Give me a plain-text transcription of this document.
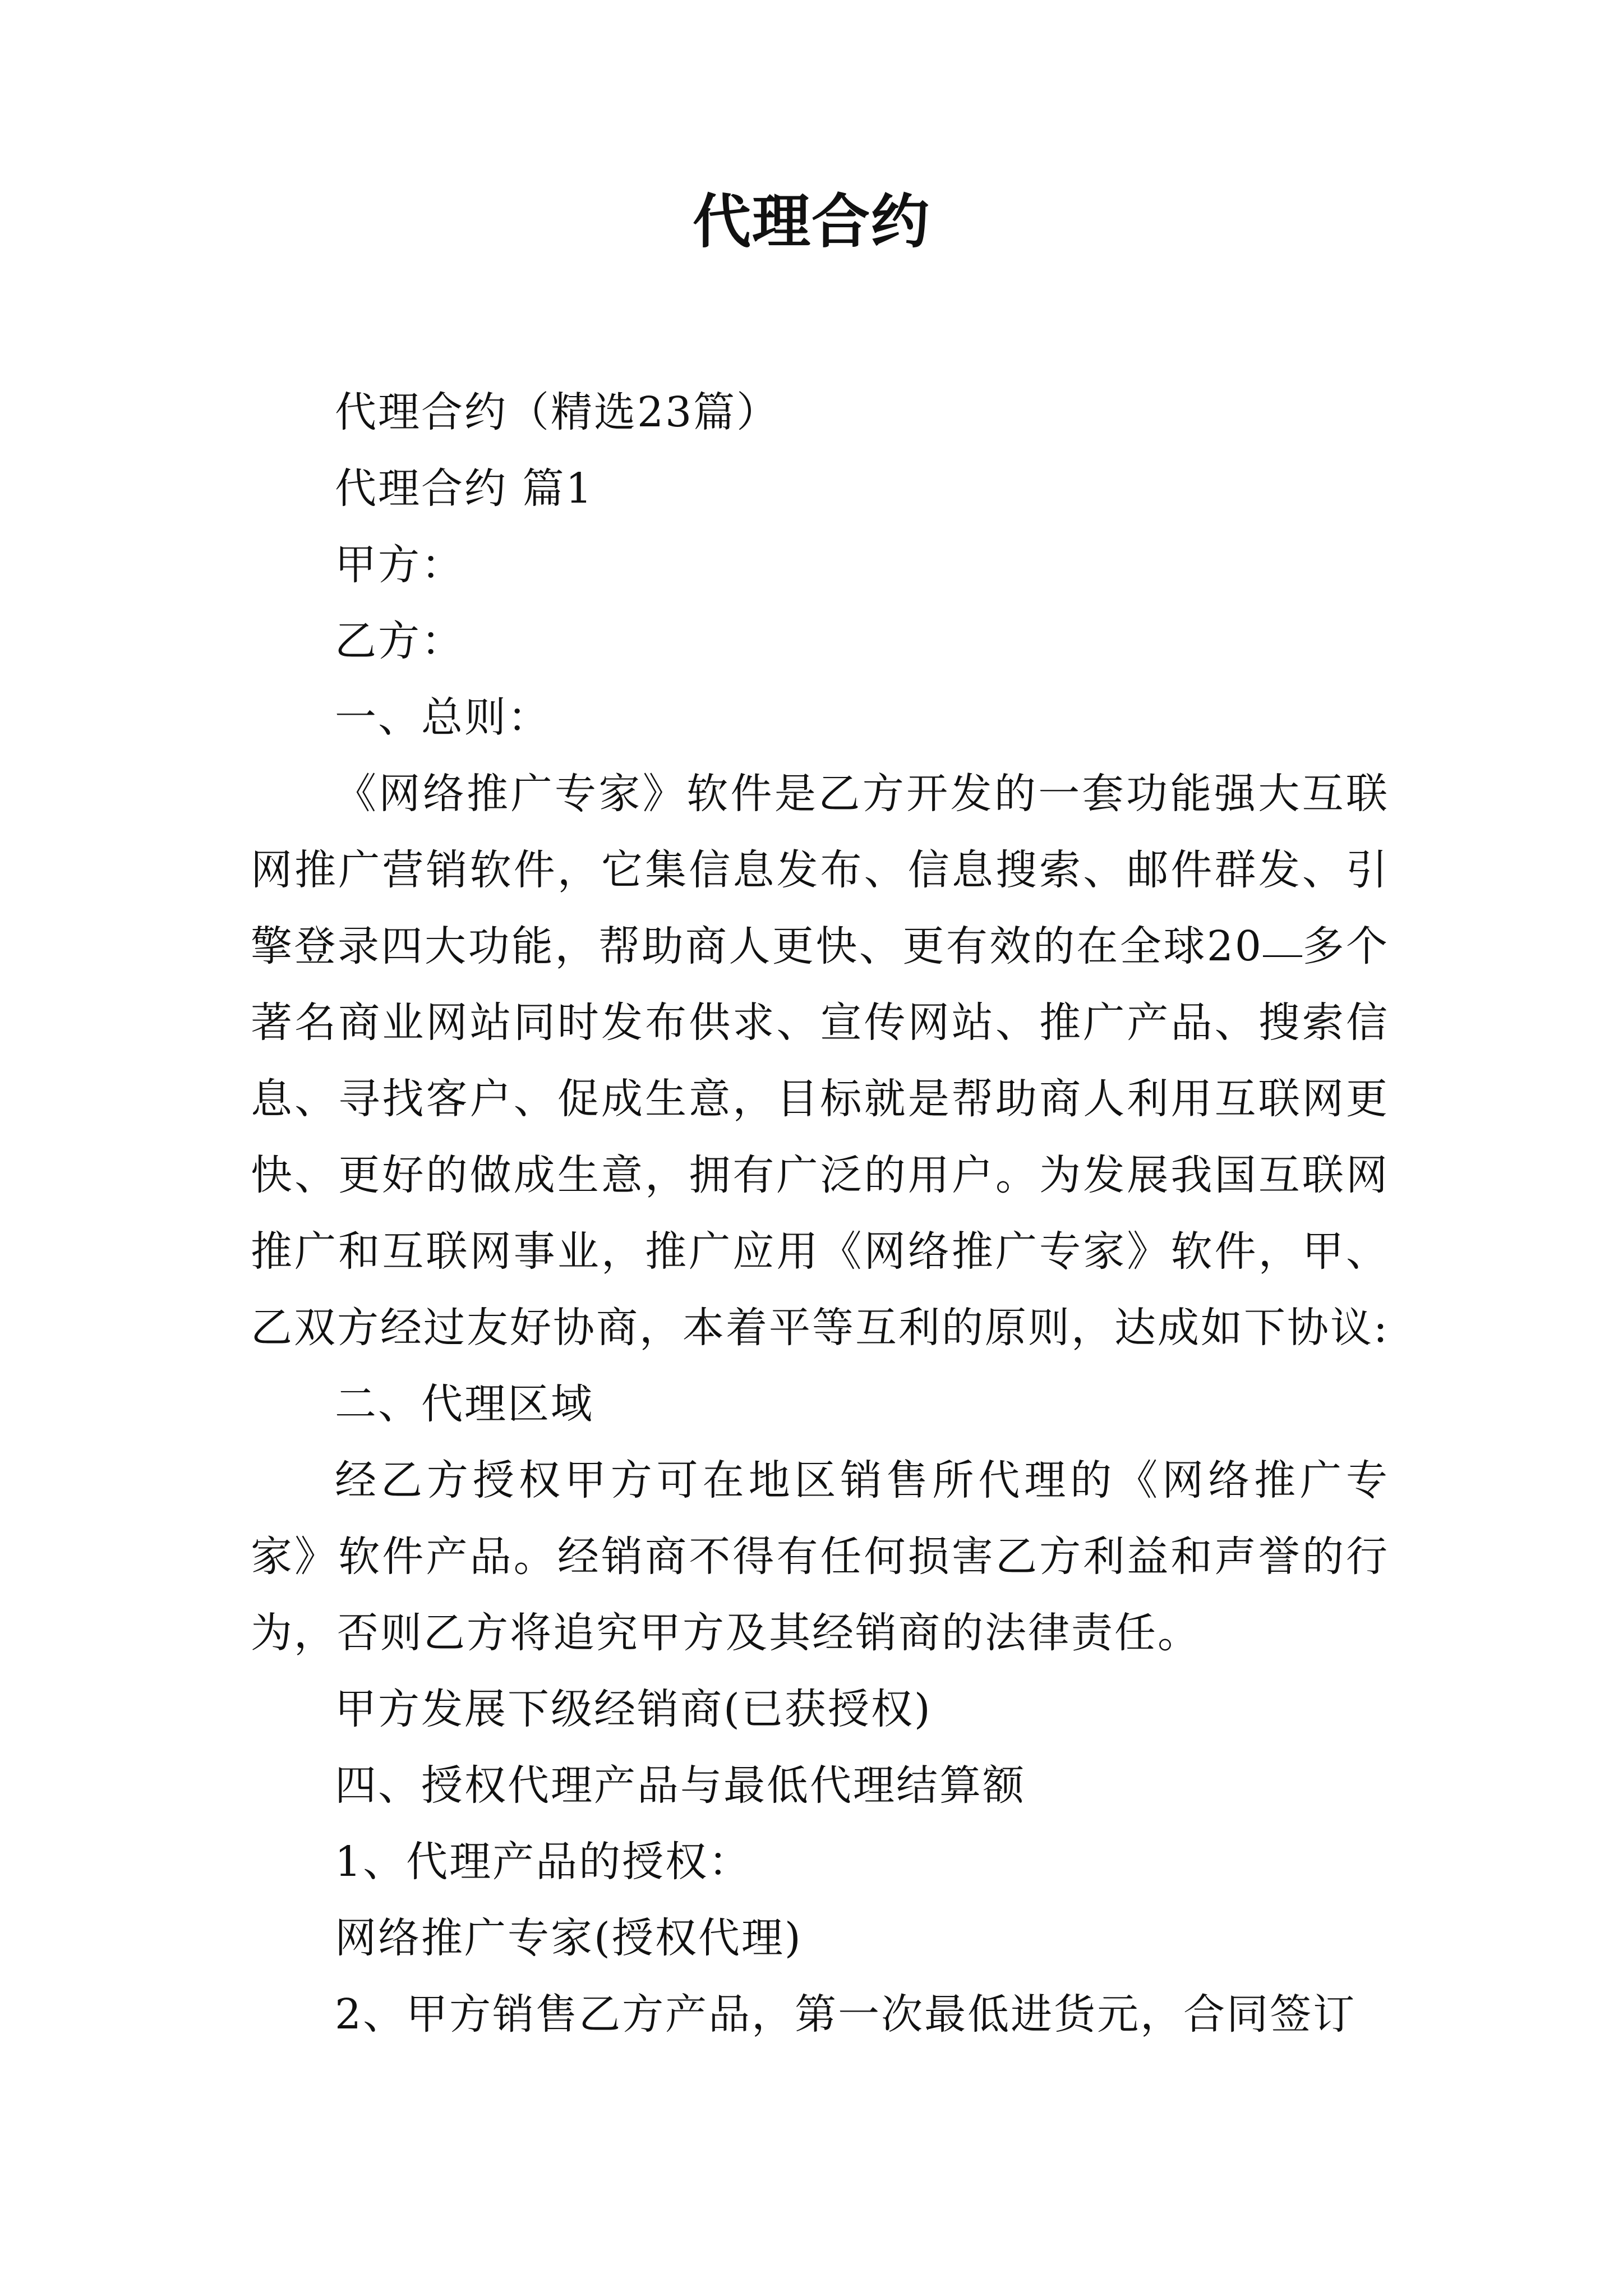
代理合约

代理合约（精选23篇）

代理合约 篇1

甲方：

乙方：

一、总则：

《网络推广专家》软件是乙方开发的一套功能强大互联网推广营销软件，它集信息发布、信息搜索、邮件群发、引擎登录四大功能，帮助商人更快、更有效的在全球20 多个著名商业网站同时发布供求、宣传网站、推广产品、搜索信息、寻找客户、促成生意，目标就是帮助商人利用互联网更快、更好的做成生意，拥有广泛的用户。为发展我国互联网推广和互联网事业，推广应用《网络推广专家》软件，甲、乙双方经过友好协商，本着平等互利的原则，达成如下协议:

二、代理区域

经乙方授权甲方可在地区销售所代理的《网络推广专家》软件产品。经销商不得有任何损害乙方利益和声誉的行为，否则乙方将追究甲方及其经销商的法律责任。

甲方发展下级经销商(已获授权)

四、授权代理产品与最低代理结算额

1、代理产品的授权：

网络推广专家(授权代理)

2、甲方销售乙方产品，第一次最低进货元，合同签订
